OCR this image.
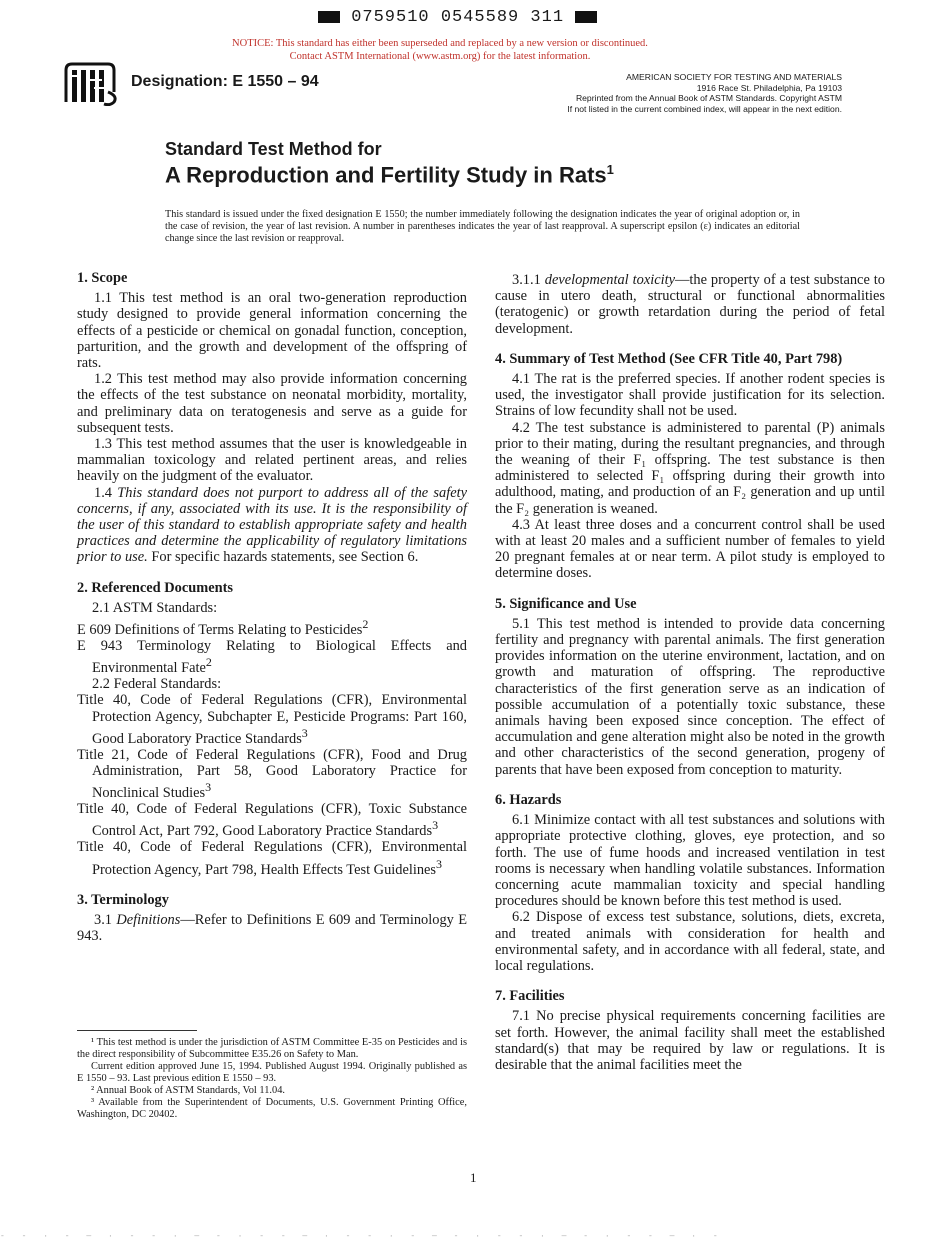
0759510 0545589 311
NOTICE: This standard has either been superseded and replaced by a new version or discontinued.
Contact ASTM International (www.astm.org) for the latest information.
Designation: E 1550 – 94	AMERICAN SOCIETY FOR TESTING AND MATERIALS
1916 Race St. Philadelphia, Pa 19103
Reprinted from the Annual Book of ASTM Standards. Copyright ASTM
If not listed in the current combined index, will appear in the next edition.
Standard Test Method for
A Reproduction and Fertility Study in Rats$^1$
This standard is issued under the fixed designation E 1550; the number immediately following the designation indicates the year of original adoption or, in the case of revision, the year of last revision. A number in parentheses indicates the year of last reapproval. A superscript epsilon (ε) indicates an editorial change since the last revision or reapproval.
1. Scope

1.1 This test method is an oral two-generation reproduction study designed to provide general information concerning the effects of a pesticide or chemical on gonadal function, conception, parturition, and the growth and development of the offspring of rats.

1.2 This test method may also provide information concerning the effects of the test substance on neonatal morbidity, mortality, and preliminary data on teratogenesis and serve as a guide for subsequent tests.

1.3 This test method assumes that the user is knowledgeable in mammalian toxicology and related pertinent areas, and relies heavily on the judgment of the evaluator.

1.4 This standard does not purport to address all of the safety concerns, if any, associated with its use. It is the responsibility of the user of this standard to establish appropriate safety and health practices and determine the applicability of regulatory limitations prior to use. For specific hazards statements, see Section 6.

2. Referenced Documents
2.1 ASTM Standards:

E 609 Definitions of Terms Relating to Pesticides$^2$

E 943 Terminology Relating to Biological Effects and Environmental Fate$^2$

2.2 Federal Standards:

Title 40, Code of Federal Regulations (CFR), Environmental Protection Agency, Subchapter E, Pesticide Programs: Part 160, Good Laboratory Practice Standards$^3$

Title 21, Code of Federal Regulations (CFR), Food and Drug Administration, Part 58, Good Laboratory Practice for Nonclinical Studies$^3$

Title 40, Code of Federal Regulations (CFR), Toxic Substance Control Act, Part 792, Good Laboratory Practice Standards$^3$

Title 40, Code of Federal Regulations (CFR), Environmental Protection Agency, Part 798, Health Effects Test Guidelines$^3$

3. Terminology

3.1 Definitions—Refer to Definitions E 609 and Terminology E 943.

¹ This test method is under the jurisdiction of ASTM Committee E-35 on Pesticides and is the direct responsibility of Subcommittee E35.26 on Safety to Man.

Current edition approved June 15, 1994. Published August 1994. Originally published as E 1550 – 93. Last previous edition E 1550 – 93.

² Annual Book of ASTM Standards, Vol 11.04.

³ Available from the Superintendent of Documents, U.S. Government Printing Office, Washington, DC 20402.

3.1.1 developmental toxicity—the property of a test substance to cause in utero death, structural or functional abnormalities (teratogenic) or growth retardation during the period of fetal development.

4. Summary of Test Method (See CFR Title 40, Part 798)

4.1 The rat is the preferred species. If another rodent species is used, the investigator shall provide justification for its selection. Strains of low fecundity shall not be used.

4.2 The test substance is administered to parental (P) animals prior to their mating, during the resultant pregnancies, and through the weaning of their F₁ offspring. The test substance is then administered to selected F₁ offspring during their growth into adulthood, mating, and production of an F₂ generation and up until the F₂ generation is weaned.

4.3 At least three doses and a concurrent control shall be used with at least 20 males and a sufficient number of females to yield 20 pregnant females at or near term. A pilot study is employed to determine doses.

5. Significance and Use

5.1 This test method is intended to provide data concerning fertility and pregnancy with parental animals. The first generation provides information on the uterine environment, lactation, and on growth and maturation of offspring. The reproductive characteristics of the first generation serve as an indication of possible accumulation of a potentially toxic substance, these animals having been exposed since conception. The effect of accumulation and gene alteration might also be noted in the growth and other characteristics of the second generation, progeny of parents that have been exposed from conception to maturity.

6. Hazards

6.1 Minimize contact with all test substances and solutions with appropriate protective clothing, gloves, eye protection, and so forth. The use of fume hoods and increased ventilation in test rooms is necessary when handling volatile substances. Information concerning acute mammalian toxicity and special handling procedures should be known before this test method is used.

6.2 Dispose of excess test substance, solutions, diets, excreta, and treated animals with consideration for health and environmental safety, and in accordance with all federal, state, and local regulations.

7. Facilities

7.1 No precise physical requirements concerning facilities are set forth. However, the animal facility shall meet the established standard(s) that may be required by law or regulations. It is desirable that the animal facilities meet the

1
- - · - — · - - · — - · - - — · - - · - — - · - - · — - · - - — · -
